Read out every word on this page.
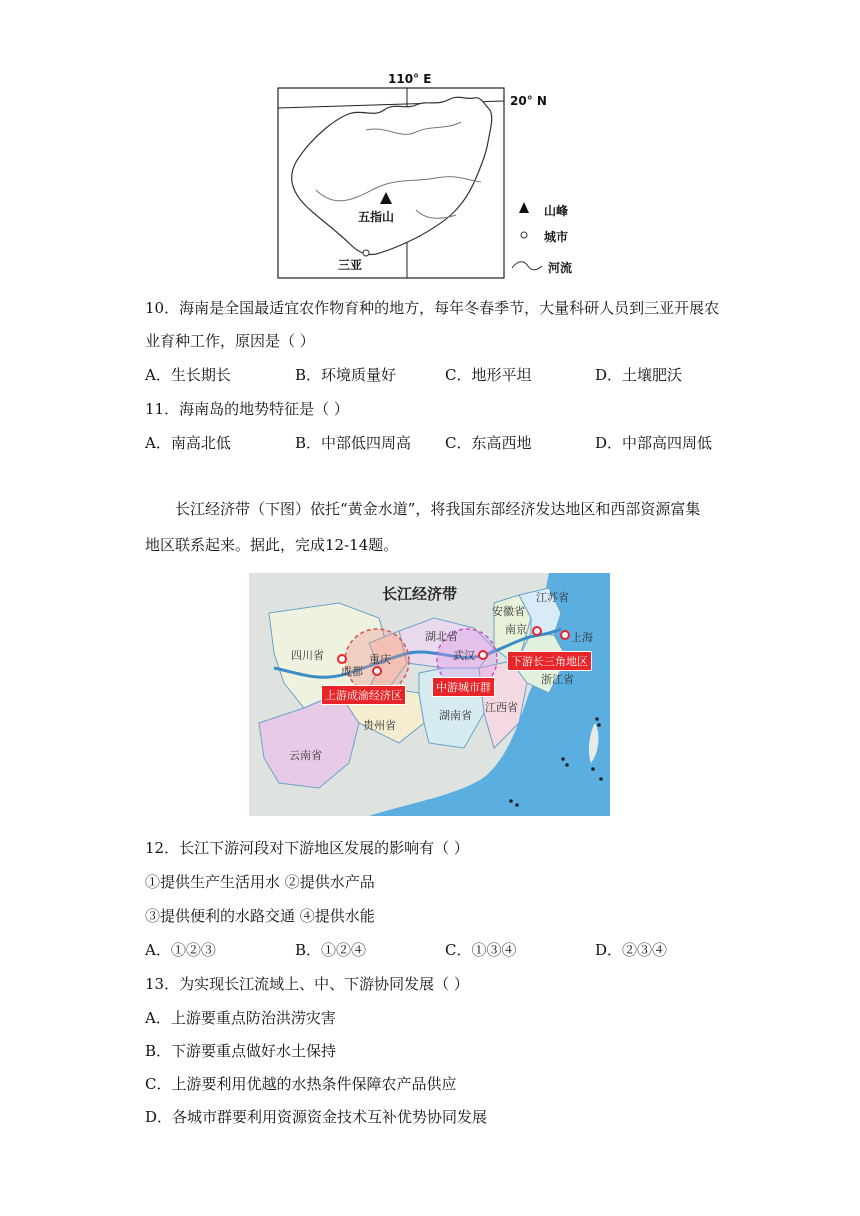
110° E
20° N
五指山
三亚
山峰
城市
河流
10．海南是全国最适宜农作物育种的地方，每年冬春季节，大量科研人员到三亚开展农
业育种工作，原因是（ ）
A．生长期长	B．环境质量好	C．地形平坦	D．土壤肥沃
11．海南岛的地势特征是（ ）
A．南高北低	B．中部低四周高 C．东高西地	D．中部高四周低
长江经济带（下图）依托“黄金水道”，将我国东部经济发达地区和西部资源富集
地区联系起来。据此，完成12-14题。
长江经济带
四川省
贵州省
云南省
湖北省
湖南省
江西省
安徽省
江苏省
浙江省
成都
重庆	武汉
南京
上海
上游成渝经济区
中游城市群
下游长三角地区
12．长江下游河段对下游地区发展的影响有（ ）
①提供生产生活用水 ②提供水产品
③提供便利的水路交通 ④提供水能
A．①②③	B．①②④	C．①③④	D．②③④
13．为实现长江流域上、中、下游协同发展（ ）
A．上游要重点防治洪涝灾害
B．下游要重点做好水土保持
C．上游要利用优越的水热条件保障农产品供应
D．各城市群要利用资源资金技术互补优势协同发展
